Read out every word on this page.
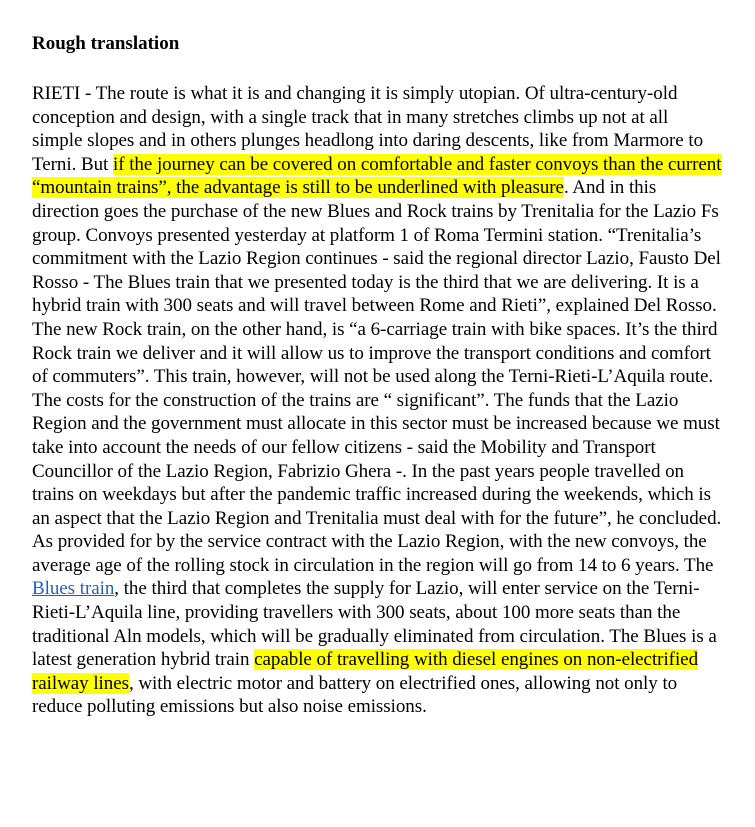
Rough translation

RIETI - The route is what it is and changing it is simply utopian. Of ultra-century-old conception and design, with a single track that in many stretches climbs up not at all simple slopes and in others plunges headlong into daring descents, like from Marmore to Terni. But if the journey can be covered on comfortable and faster convoys than the current “mountain trains”, the advantage is still to be underlined with pleasure. And in this direction goes the purchase of the new Blues and Rock trains by Trenitalia for the Lazio Fs group. Convoys presented yesterday at platform 1 of Roma Termini station. “Trenitalia’s commitment with the Lazio Region continues - said the regional director Lazio, Fausto Del Rosso - The Blues train that we presented today is the third that we are delivering. It is a hybrid train with 300 seats and will travel between Rome and Rieti”, explained Del Rosso. The new Rock train, on the other hand, is “a 6-carriage train with bike spaces. It’s the third Rock train we deliver and it will allow us to improve the transport conditions and comfort of commuters”. This train, however, will not be used along the Terni-Rieti-L’Aquila route. The costs for the construction of the trains are “ significant”. The funds that the Lazio Region and the government must allocate in this sector must be increased because we must take into account the needs of our fellow citizens - said the Mobility and Transport Councillor of the Lazio Region, Fabrizio Ghera -. In the past years people travelled on trains on weekdays but after the pandemic traffic increased during the weekends, which is an aspect that the Lazio Region and Trenitalia must deal with for the future”, he concluded. As provided for by the service contract with the Lazio Region, with the new convoys, the average age of the rolling stock in circulation in the region will go from 14 to 6 years. The Blues train, the third that completes the supply for Lazio, will enter service on the Terni-Rieti-L’Aquila line, providing travellers with 300 seats, about 100 more seats than the traditional Aln models, which will be gradually eliminated from circulation. The Blues is a latest generation hybrid train capable of travelling with diesel engines on non-electrified railway lines, with electric motor and battery on electrified ones, allowing not only to reduce polluting emissions but also noise emissions.
